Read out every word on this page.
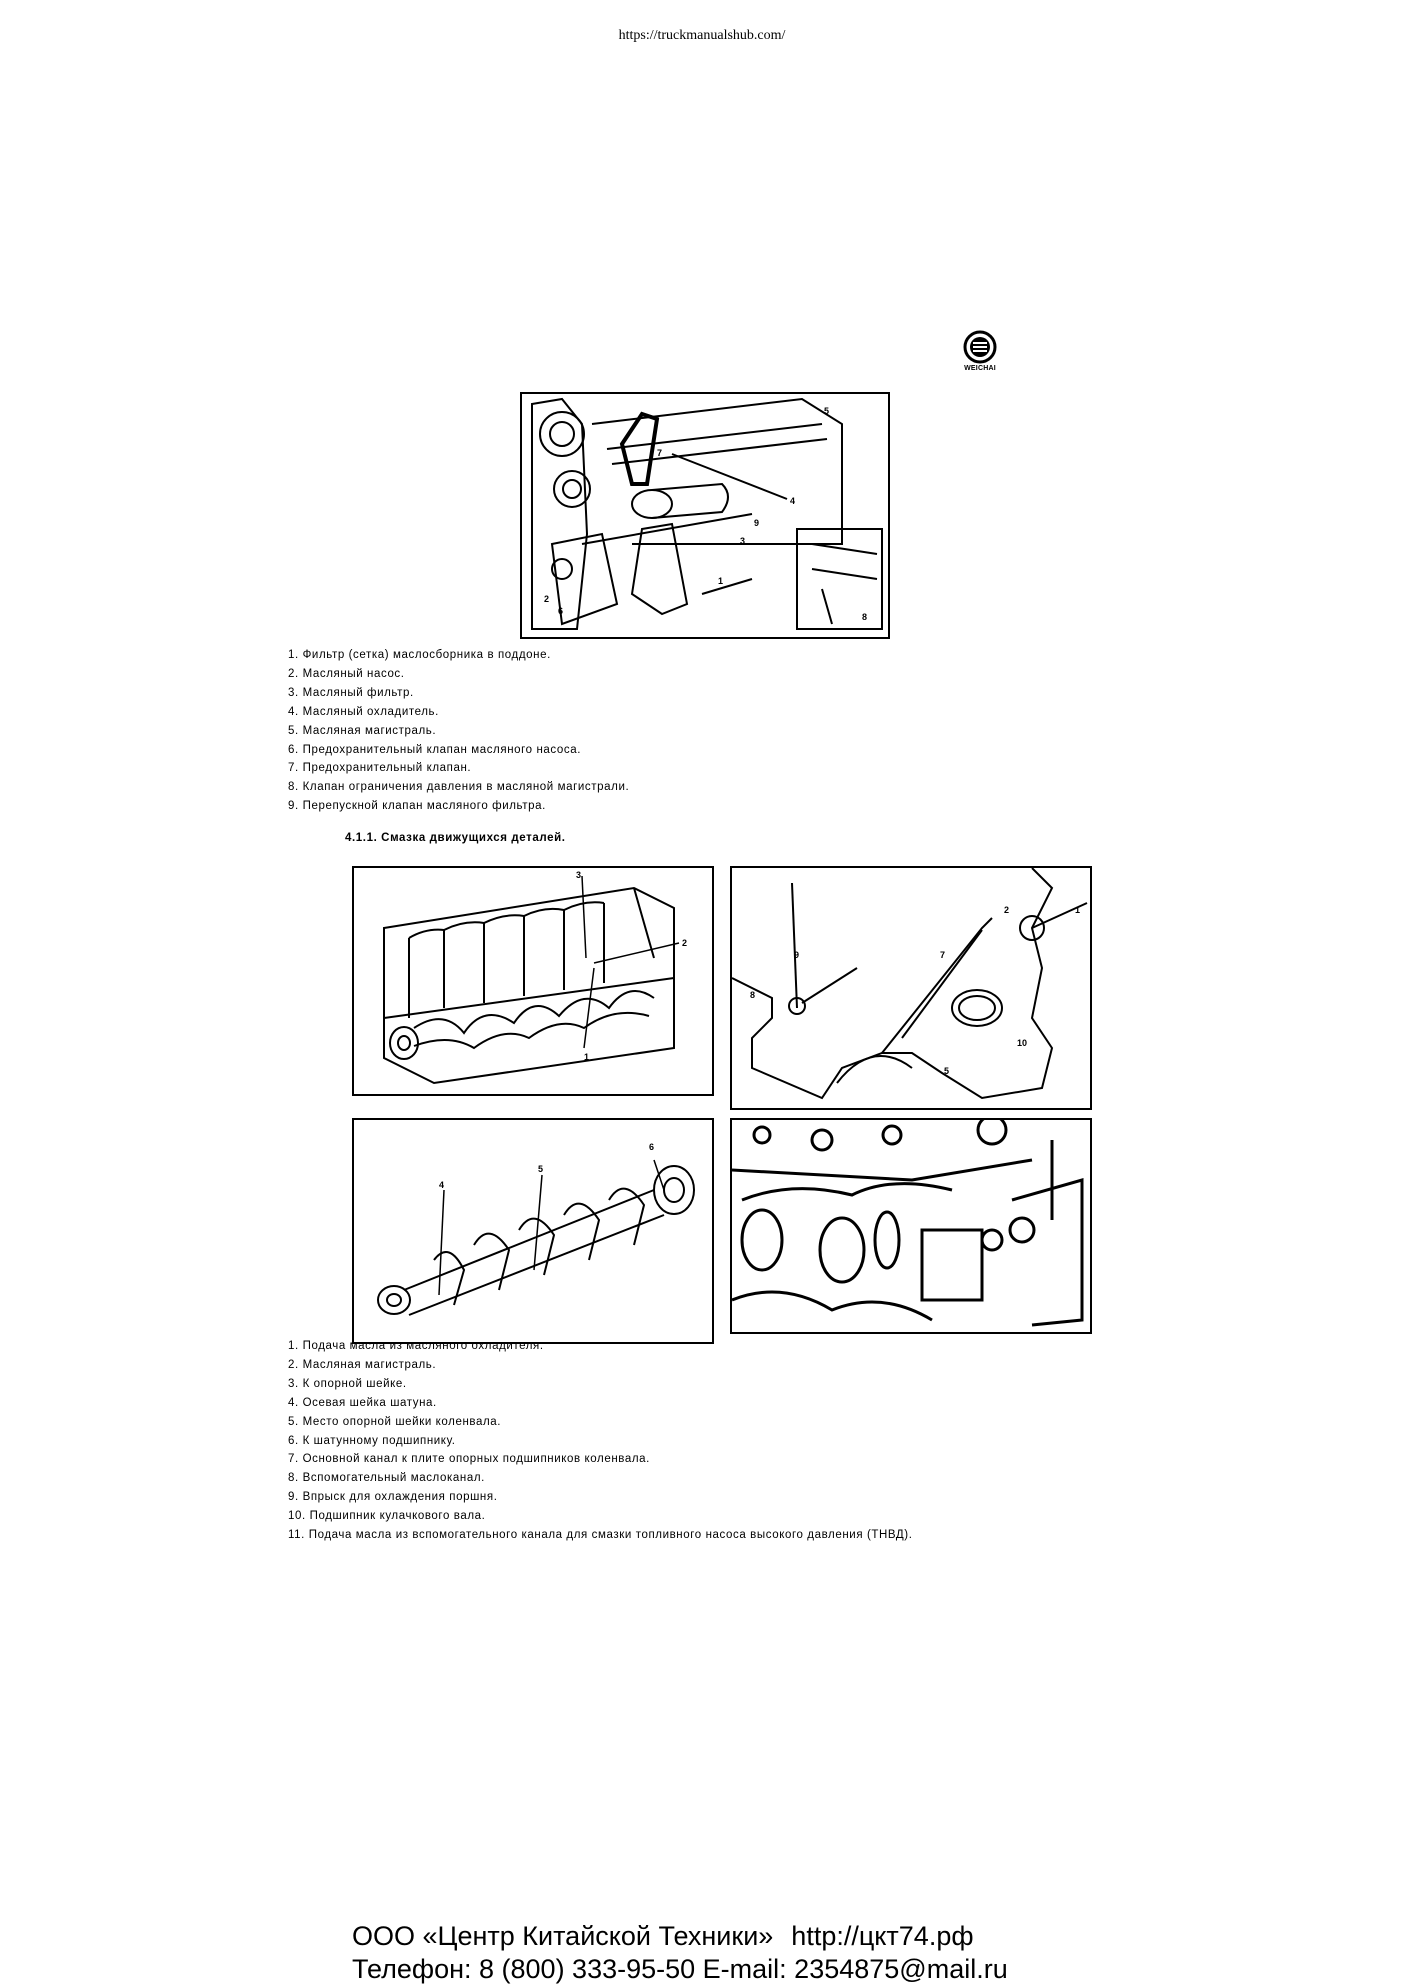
https://truckmanualshub.com/
WEICHAI
5
7
4
9
3
1
2
6
8
1. Фильтр (сетка) маслосборника в поддоне.
2. Масляный насос.
3. Масляный фильтр.
4. Масляный охладитель.
5. Масляная магистраль.
6. Предохранительный клапан масляного насоса.
7. Предохранительный клапан.
8. Клапан ограничения давления в масляной магистрали.
9. Перепускной клапан масляного фильтра.
4.1.1. Смазка движущихся деталей.
3
2
1
2	1
9
8
7
10
5
4
5
6
1. Подача масла из масляного охладителя.
2. Масляная магистраль.
3. К опорной шейке.
4. Осевая шейка шатуна.
5. Место опорной шейки коленвала.
6. К шатунному подшипнику.
7. Основной канал к плите опорных подшипников коленвала.
8. Вспомогательный маслоканал.
9. Впрыск для охлаждения поршня.
10. Подшипник кулачкового вала.
11. Подача масла из вспомогательного канала для смазки топливного насоса высокого давления (ТНВД).
ООО «Центр Китайской Техники» http://цкт74.рф
Телефон: 8 (800) 333-95-50 E-mail: 2354875@mail.ru
